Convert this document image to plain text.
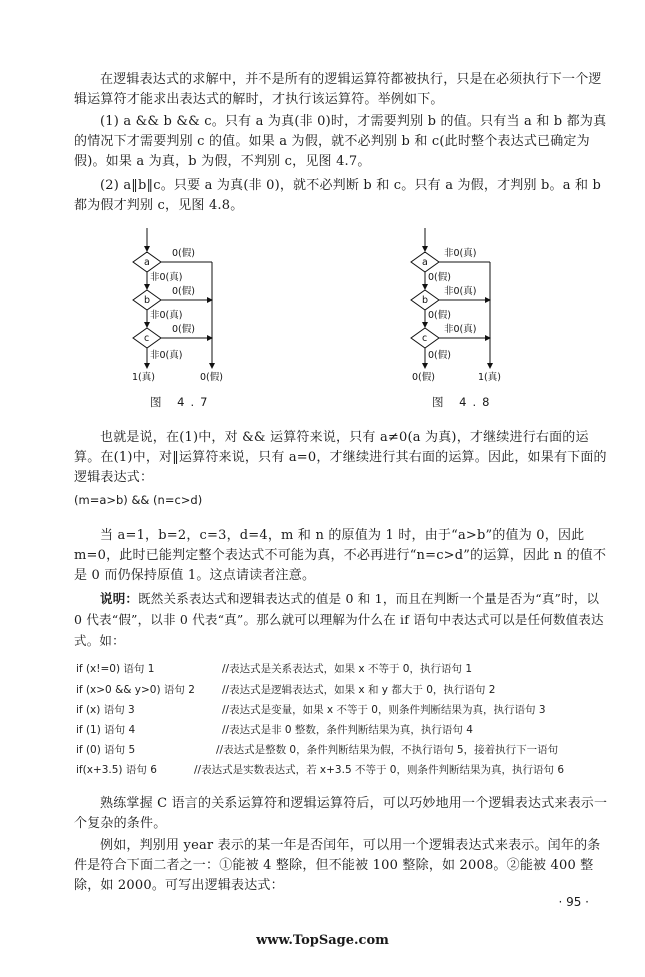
在逻辑表达式的求解中，并不是所有的逻辑运算符都被执行，只是在必须执行下一个逻辑运算符才能求出表达式的解时，才执行该运算符。举例如下。

(1) a && b && c。只有 a 为真(非 0)时，才需要判别 b 的值。只有当 a 和 b 都为真的情况下才需要判别 c 的值。如果 a 为假，就不必判别 b 和 c(此时整个表达式已确定为假)。如果 a 为真，b 为假，不判别 c，见图 4.7。

(2) a‖b‖c。只要 a 为真(非 0)，就不必判断 b 和 c。只有 a 为假，才判别 b。a 和 b 都为假才判别 c，见图 4.8。

a
0(假)
非0(真)
b
0(假)
非0(真)
c
0(假)
非0(真)
1(真)	0(假)
图 4.7
a
非0(真)
0(假)
b
非0(真)
0(假)
c
非0(真)
0(假)
0(假)	1(真)
图 4.8

也就是说，在(1)中，对 && 运算符来说，只有 a≠0(a 为真)，才继续进行右面的运算。在(1)中，对‖运算符来说，只有 a=0，才继续进行其右面的运算。因此，如果有下面的逻辑表达式：

(m=a>b) && (n=c>d)

当 a=1，b=2，c=3，d=4，m 和 n 的原值为 1 时，由于“a>b”的值为 0，因此 m=0，此时已能判定整个表达式不可能为真，不必再进行“n=c>d”的运算，因此 n 的值不是 0 而仍保持原值 1。这点请读者注意。

说明：既然关系表达式和逻辑表达式的值是 0 和 1，而且在判断一个量是否为“真”时，以 0 代表“假”，以非 0 代表“真”。那么就可以理解为什么在 if 语句中表达式可以是任何数值表达式。如：

if (x!=0) 语句 1	//表达式是关系表达式，如果 x 不等于 0，执行语句 1
if (x>0 && y>0) 语句 2	//表达式是逻辑表达式，如果 x 和 y 都大于 0，执行语句 2
if (x) 语句 3	//表达式是变量，如果 x 不等于 0，则条件判断结果为真，执行语句 3
if (1) 语句 4	//表达式是非 0 整数，条件判断结果为真，执行语句 4
if (0) 语句 5	//表达式是整数 0，条件判断结果为假，不执行语句 5，接着执行下一语句
if(x+3.5) 语句 6	//表达式是实数表达式，若 x+3.5 不等于 0，则条件判断结果为真，执行语句 6

熟练掌握 C 语言的关系运算符和逻辑运算符后，可以巧妙地用一个逻辑表达式来表示一个复杂的条件。

例如，判别用 year 表示的某一年是否闰年，可以用一个逻辑表达式来表示。闰年的条件是符合下面二者之一：①能被 4 整除，但不能被 100 整除，如 2008。②能被 400 整除，如 2000。可写出逻辑表达式：

· 95 ·
www.TopSage.com
